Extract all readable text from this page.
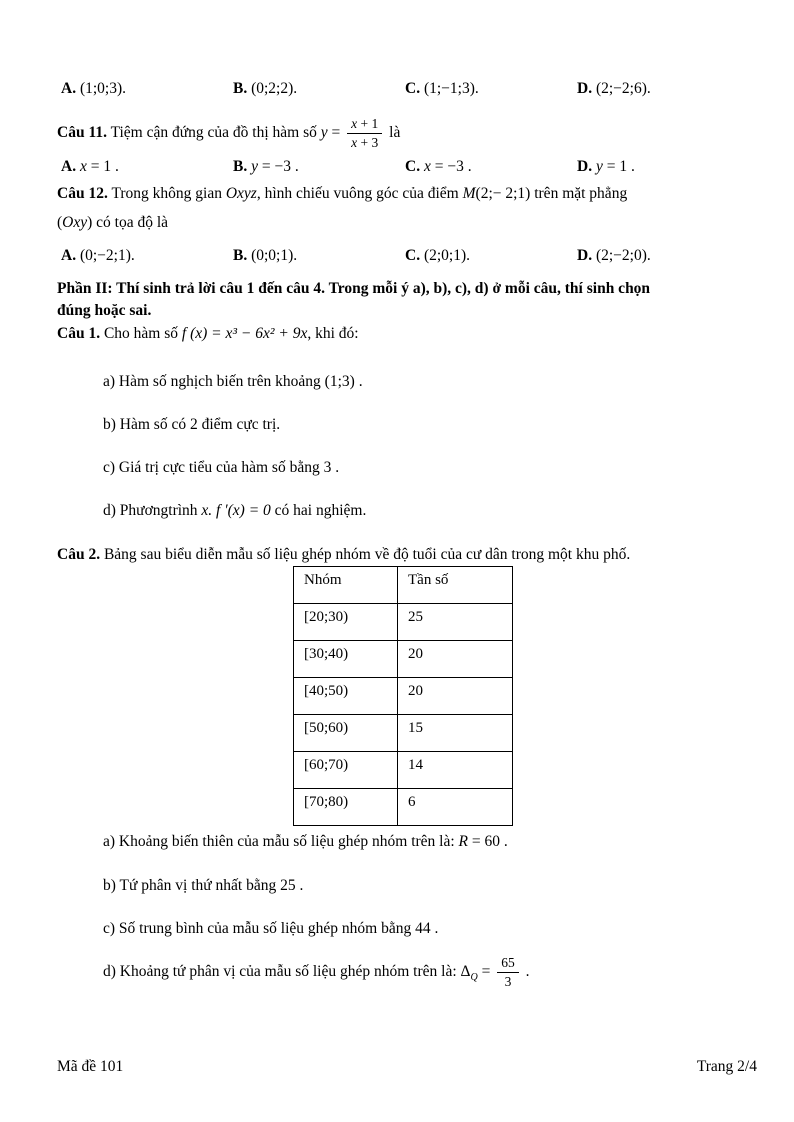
A. (1;0;3).	B. (0;2;2).	C. (1;−1;3).	D. (2;−2;6).
Câu 11. Tiệm cận đứng của đồ thị hàm số $y = \frac{x + 1}{x + 3}$ là
A. x = 1 .	B. y = −3 .	C. x = −3 .	D. y = 1 .
Câu 12. Trong không gian Oxyz, hình chiếu vuông góc của điểm M(2;− 2;1) trên mặt phẳng
(Oxy) có tọa độ là
A. (0;−2;1).	B. (0;0;1).	C. (2;0;1).	D. (2;−2;0).
Phần II: Thí sinh trả lời câu 1 đến câu 4. Trong mỗi ý a), b), c), d) ở mỗi câu, thí sinh chọn
đúng hoặc sai.
Câu 1. Cho hàm số f (x) = x³ − 6x² + 9x, khi đó:
a) Hàm số nghịch biến trên khoảng (1;3) .
b) Hàm số có 2 điểm cực trị.
c) Giá trị cực tiểu của hàm số bằng 3 .
d) Phươngtrình x. f ′(x) = 0 có hai nghiệm.
Câu 2. Bảng sau biểu diễn mẫu số liệu ghép nhóm về độ tuổi của cư dân trong một khu phố.
Nhóm	Tần số
[20;30)	25
[30;40)	20
[40;50)	20
[50;60)	15
[60;70)	14
[70;80)	6
a) Khoảng biến thiên của mẫu số liệu ghép nhóm trên là: R = 60 .
b) Tứ phân vị thứ nhất bằng 25 .
c) Số trung bình của mẫu số liệu ghép nhóm bằng 44 .
d) Khoảng tứ phân vị của mẫu số liệu ghép nhóm trên là: $\Delta_Q = \frac{65}{3}$ .
Mã đề 101	Trang 2/4
